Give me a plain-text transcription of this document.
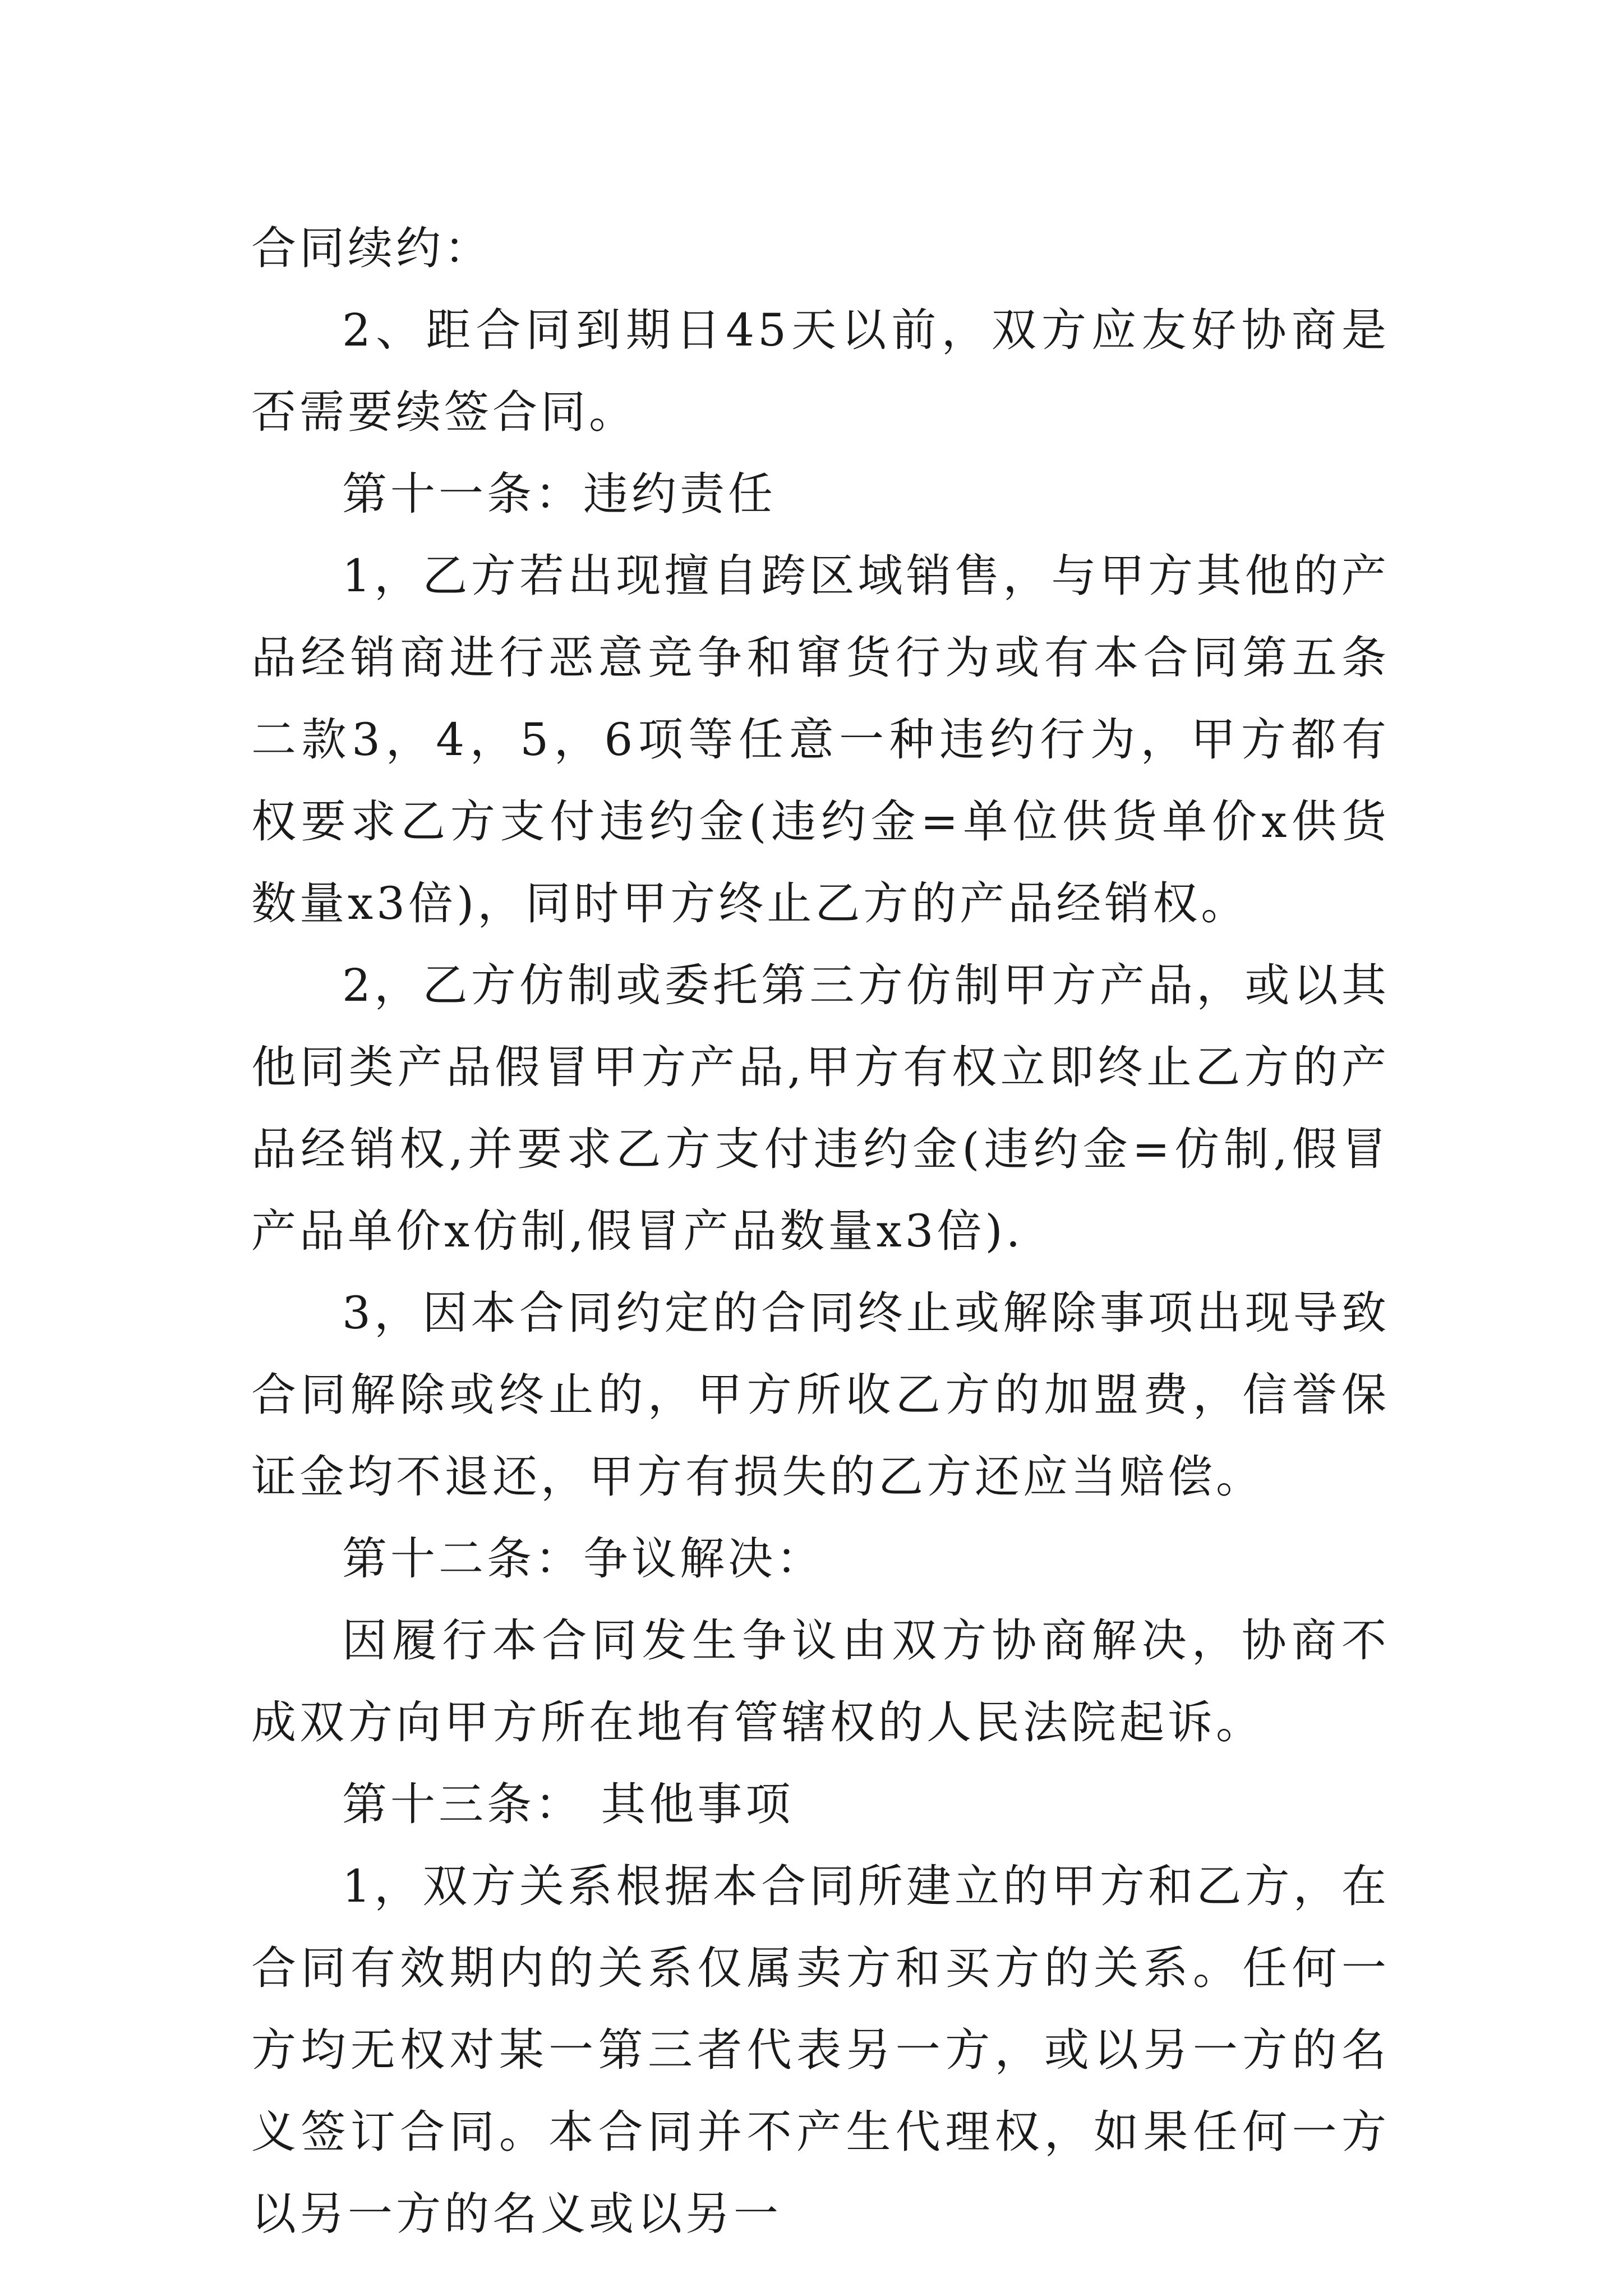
合同续约：

2、距合同到期日45天以前，双方应友好协商是否需要续签合同。

第十一条：违约责任

1，乙方若出现擅自跨区域销售，与甲方其他的产品经销商进行恶意竞争和窜货行为或有本合同第五条二款3，4，5，6项等任意一种违约行为，甲方都有权要求乙方支付违约金(违约金=单位供货单价x供货数量x3倍)，同时甲方终止乙方的产品经销权。

2，乙方仿制或委托第三方仿制甲方产品，或以其他同类产品假冒甲方产品,甲方有权立即终止乙方的产品经销权,并要求乙方支付违约金(违约金=仿制,假冒产品单价x仿制,假冒产品数量x3倍).

3，因本合同约定的合同终止或解除事项出现导致合同解除或终止的，甲方所收乙方的加盟费，信誉保证金均不退还，甲方有损失的乙方还应当赔偿。

第十二条：争议解决：

因履行本合同发生争议由双方协商解决，协商不成双方向甲方所在地有管辖权的人民法院起诉。

第十三条： 其他事项

1，双方关系根据本合同所建立的甲方和乙方，在合同有效期内的关系仅属卖方和买方的关系。任何一方均无权对某一第三者代表另一方，或以另一方的名义签订合同。本合同并不产生代理权，如果任何一方以另一方的名义或以另一
